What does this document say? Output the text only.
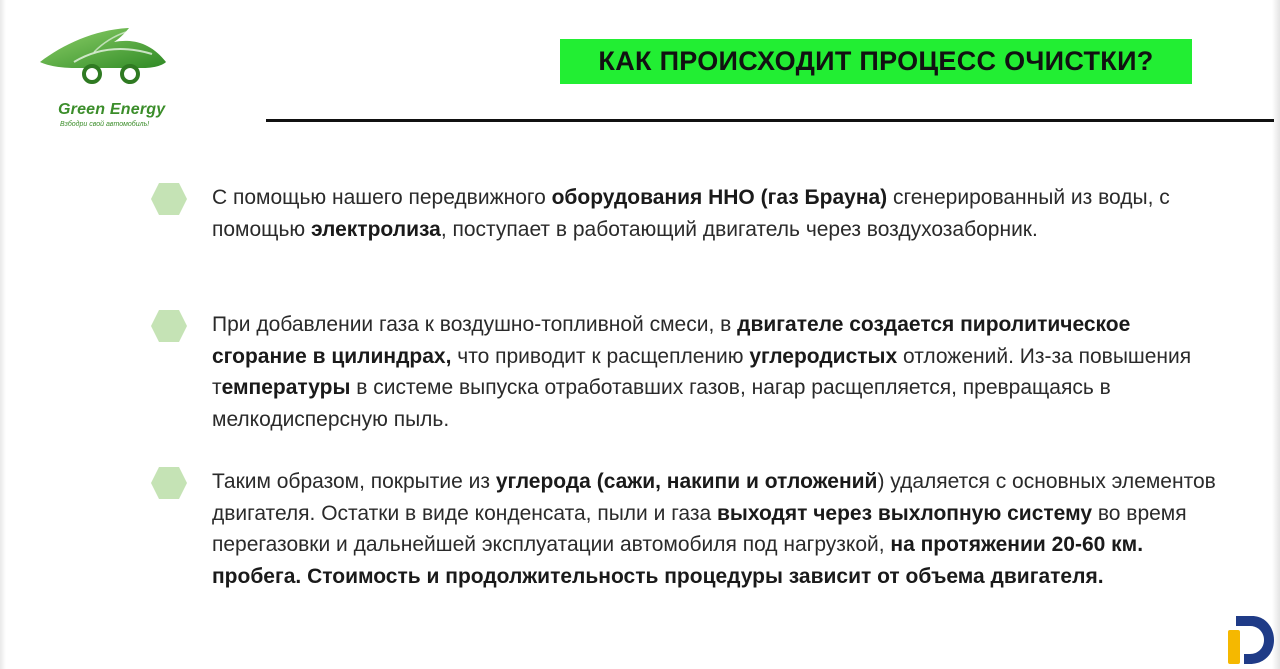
Green Energy
Взбодри свой автомобиль!
КАК ПРОИСХОДИТ ПРОЦЕСС ОЧИСТКИ?
С помощью нашего передвижного оборудования ННО (газ Брауна) сгенерированный из воды, с помощью электролиза, поступает в работающий двигатель через воздухозаборник.
При добавлении газа к воздушно-топливной смеси, в двигателе создается пиролитическое сгорание в цилиндрах, что приводит к расщеплению углеродистых отложений. Из-за повышения температуры в системе выпуска отработавших газов, нагар расщепляется, превращаясь в мелкодисперсную пыль.
Таким образом, покрытие из углерода (сажи, накипи и отложений) удаляется с основных элементов двигателя. Остатки в виде конденсата, пыли и газа выходят через выхлопную систему во время перегазовки и дальнейшей эксплуатации автомобиля под нагрузкой, на протяжении 20-60 км. пробега. Стоимость и продолжительность процедуры зависит от объема двигателя.
